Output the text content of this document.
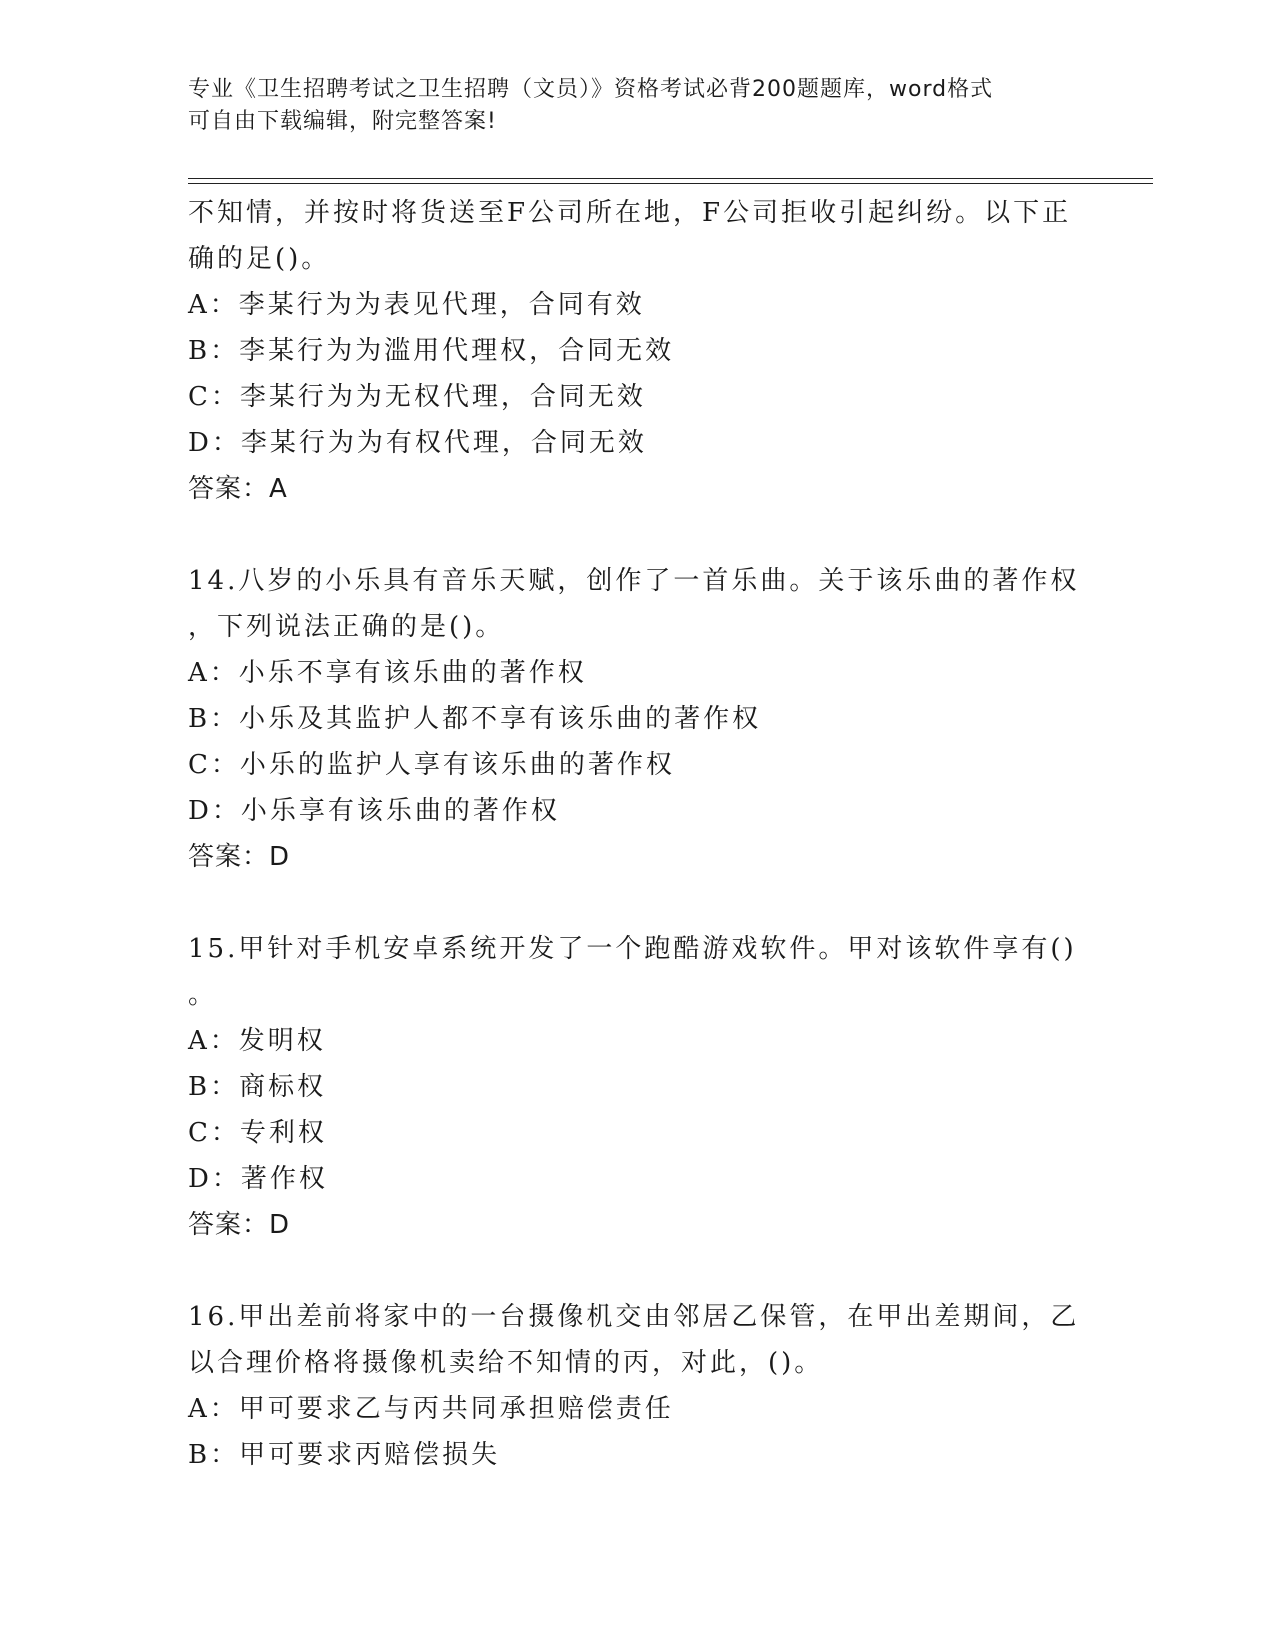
专业《卫生招聘考试之卫生招聘（文员）》资格考试必背200题题库，word格式
可自由下载编辑，附完整答案!
不知情，并按时将货送至F公司所在地，F公司拒收引起纠纷。以下正
确的足()。
A：李某行为为表见代理，合同有效
B：李某行为为滥用代理权，合同无效
C：李某行为为无权代理，合同无效
D：李某行为为有权代理，合同无效
答案：A
14.八岁的小乐具有音乐天赋，创作了一首乐曲。关于该乐曲的著作权
，下列说法正确的是()。
A：小乐不享有该乐曲的著作权
B：小乐及其监护人都不享有该乐曲的著作权
C：小乐的监护人享有该乐曲的著作权
D：小乐享有该乐曲的著作权
答案：D
15.甲针对手机安卓系统开发了一个跑酷游戏软件。甲对该软件享有()
。
A：发明权
B：商标权
C：专利权
D：著作权
答案：D
16.甲出差前将家中的一台摄像机交由邻居乙保管，在甲出差期间，乙
以合理价格将摄像机卖给不知情的丙，对此，()。
A：甲可要求乙与丙共同承担赔偿责任
B：甲可要求丙赔偿损失
